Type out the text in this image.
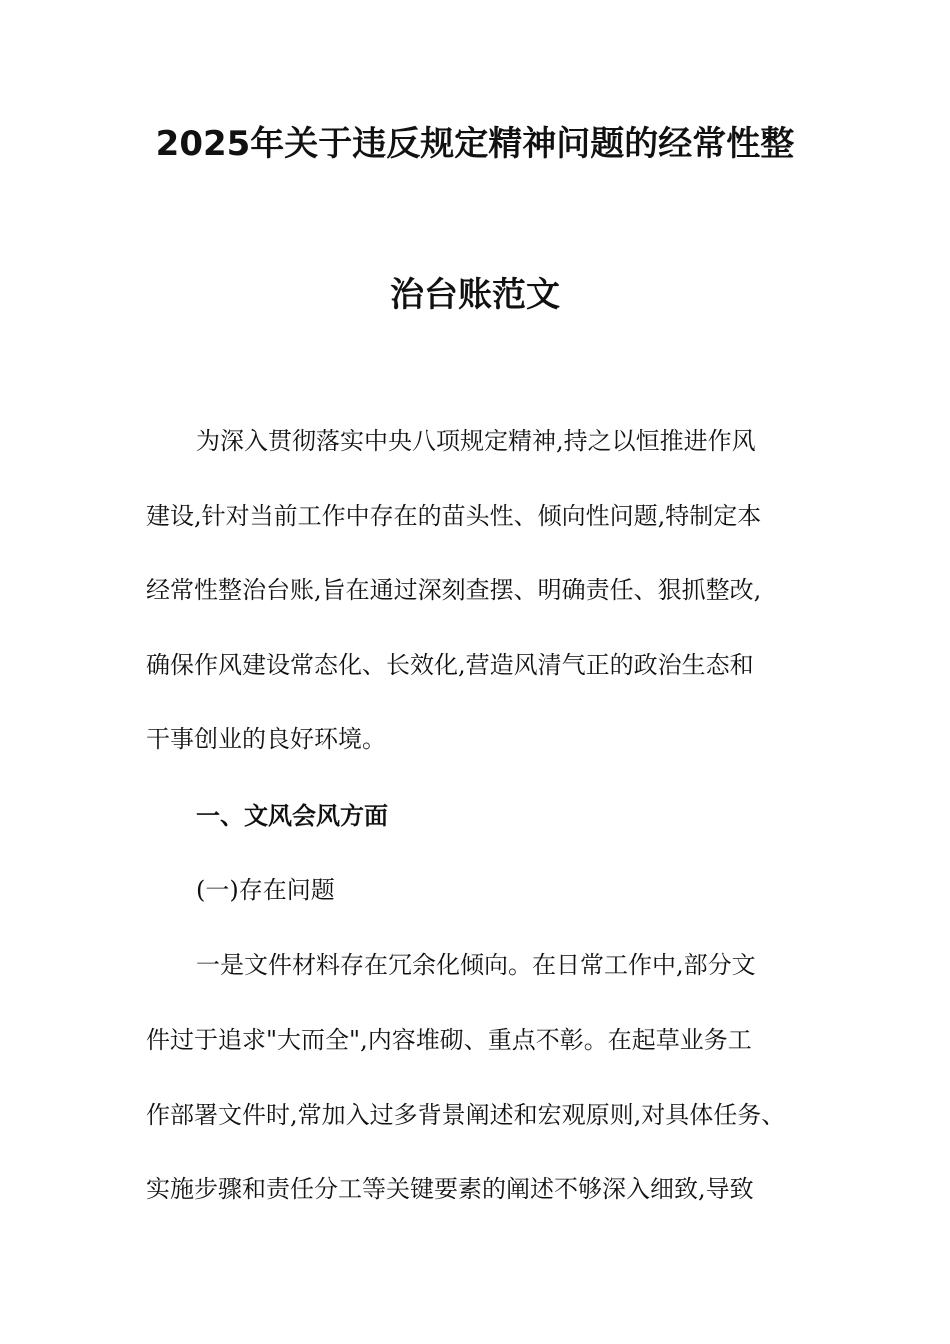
2025年关于违反规定精神问题的经常性整
治台账范文

为深入贯彻落实中央八项规定精神,持之以恒推进作风

建设,针对当前工作中存在的苗头性、倾向性问题,特制定本

经常性整治台账,旨在通过深刻查摆、明确责任、狠抓整改,

确保作风建设常态化、长效化,营造风清气正的政治生态和

干事创业的良好环境。

一、文风会风方面
(一)存在问题

一是文件材料存在冗余化倾向。在日常工作中,部分文

件过于追求"大而全",内容堆砌、重点不彰。在起草业务工

作部署文件时,常加入过多背景阐述和宏观原则,对具体任务、

实施步骤和责任分工等关键要素的阐述不够深入细致,导致
